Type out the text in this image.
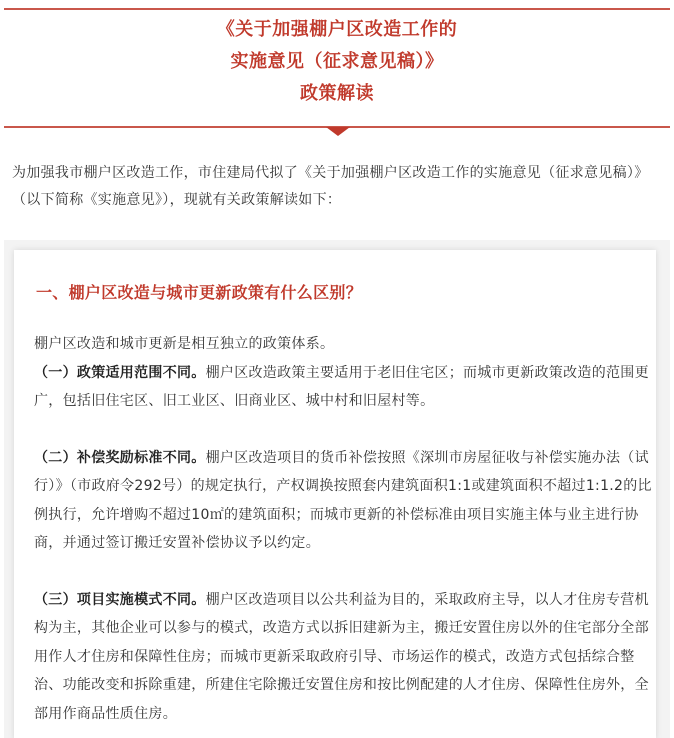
《关于加强棚户区改造工作的
实施意见（征求意见稿）》
政策解读
为加强我市棚户区改造工作，市住建局代拟了《关于加强棚户区改造工作的实施意见（征求意见稿）》（以下简称《实施意见》），现就有关政策解读如下：
一、棚户区改造与城市更新政策有什么区别？

棚户区改造和城市更新是相互独立的政策体系。

（一）政策适用范围不同。棚户区改造政策主要适用于老旧住宅区；而城市更新政策改造的范围更广，包括旧住宅区、旧工业区、旧商业区、城中村和旧屋村等。

（二）补偿奖励标准不同。棚户区改造项目的货币补偿按照《深圳市房屋征收与补偿实施办法（试行）》（市政府令292号）的规定执行，产权调换按照套内建筑面积1:1或建筑面积不超过1:1.2的比例执行，允许增购不超过10㎡的建筑面积；而城市更新的补偿标准由项目实施主体与业主进行协商，并通过签订搬迁安置补偿协议予以约定。

（三）项目实施模式不同。棚户区改造项目以公共利益为目的，采取政府主导，以人才住房专营机构为主，其他企业可以参与的模式，改造方式以拆旧建新为主，搬迁安置住房以外的住宅部分全部用作人才住房和保障性住房；而城市更新采取政府引导、市场运作的模式，改造方式包括综合整治、功能改变和拆除重建，所建住宅除搬迁安置住房和按比例配建的人才住房、保障性住房外，全部用作商品性质住房。
